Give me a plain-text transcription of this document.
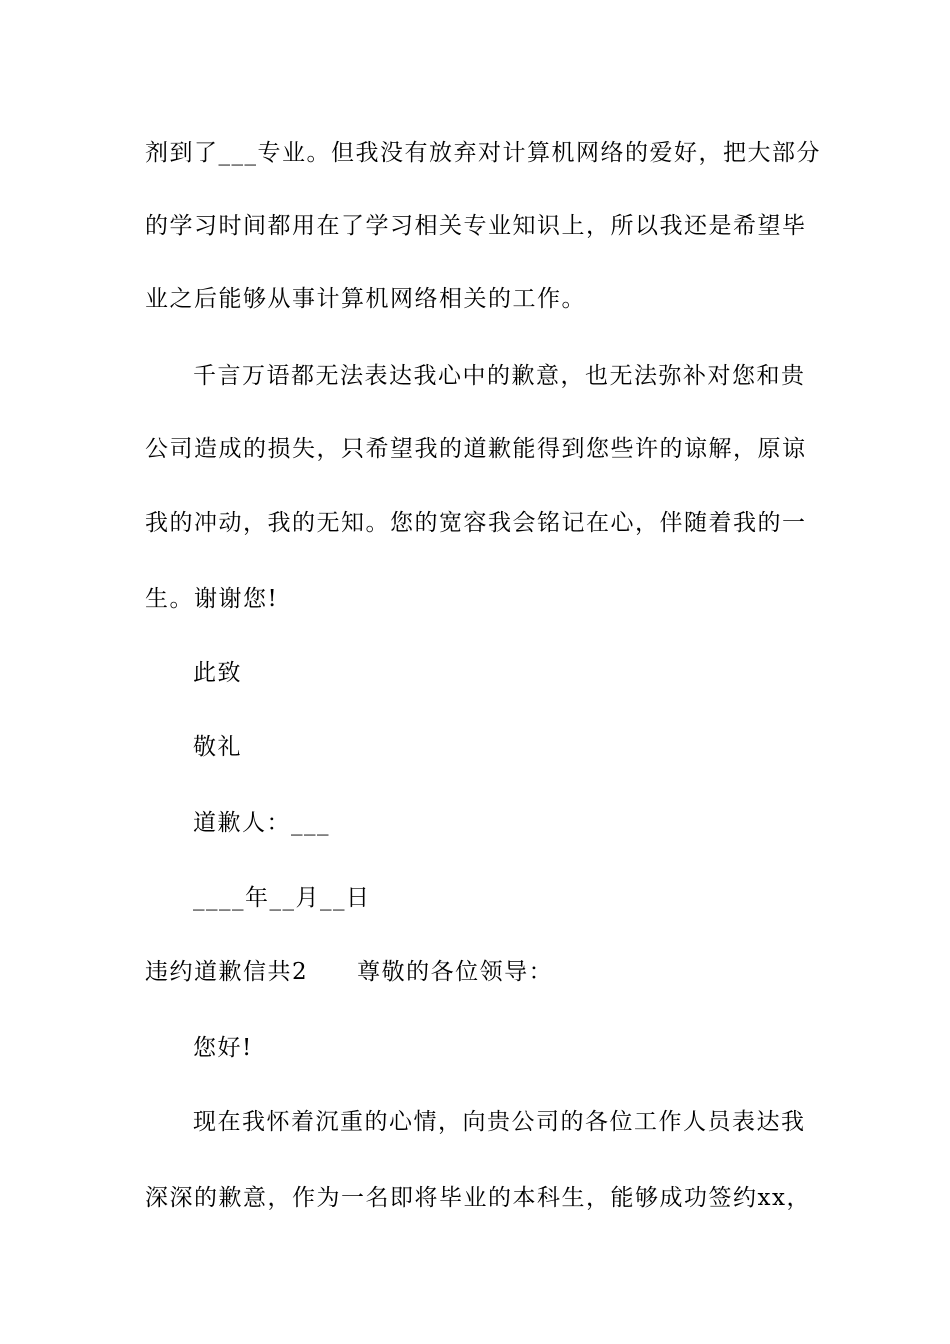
剂到了___专业。但我没有放弃对计算机网络的爱好，把大部分
的学习时间都用在了学习相关专业知识上，所以我还是希望毕
业之后能够从事计算机网络相关的工作。
千言万语都无法表达我心中的歉意，也无法弥补对您和贵
公司造成的损失，只希望我的道歉能得到您些许的谅解，原谅
我的冲动，我的无知。您的宽容我会铭记在心，伴随着我的一
生。谢谢您!
此致
敬礼
道歉人：___
____年__月__日
违约道歉信共2　　尊敬的各位领导：
您好!
现在我怀着沉重的心情，向贵公司的各位工作人员表达我
深深的歉意，作为一名即将毕业的本科生，能够成功签约xx，
